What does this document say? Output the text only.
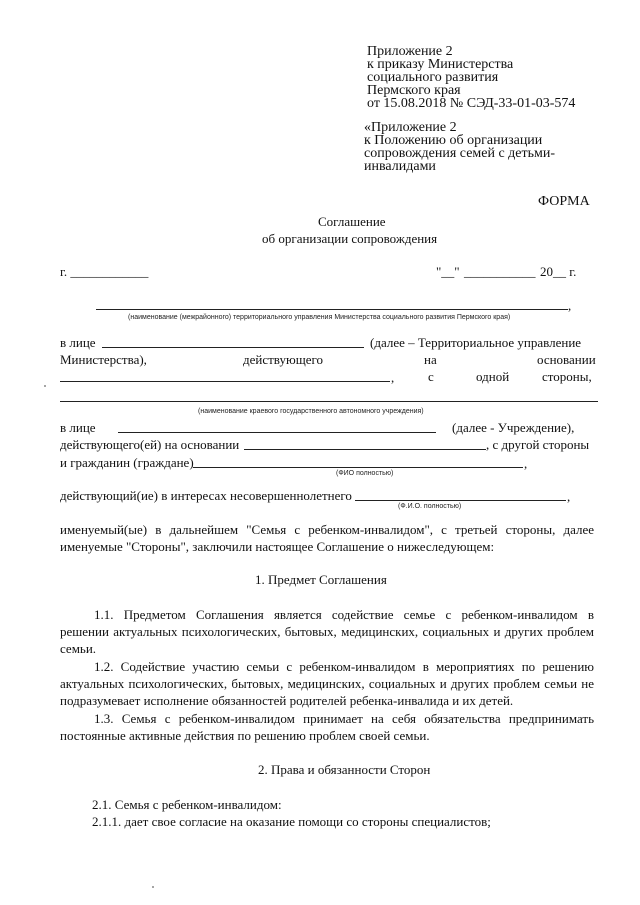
Приложение 2
к приказу Министерства
социального развития
Пермского края
от 15.08.2018 № СЭД-33-01-03-574
«Приложение 2
к Положению об организации
сопровождения семей с детьми-
инвалидами
ФОРМА
Соглашение
об организации сопровождения
г. ____________	"__" ___________ 20__ г.
,
(наименование (межрайонного) территориального управления Министерства социального развития Пермского края)
в лице	(далее – Территориальное управление
Министерства),	действующего	на	основании
,	с	одной	стороны,
(наименование краевого государственного автономного учреждения)
в лице	(далее - Учреждение),
действующего(ей) на основании	, с другой стороны
и гражданин (граждане)	,
(ФИО полностью)
действующий(ие) в интересах несовершеннолетнего	,
(Ф.И.О. полностью)
именуемый(ые) в дальнейшем "Семья с ребенком-инвалидом", с третьей стороны, далее
именуемые "Стороны", заключили настоящее Соглашение о нижеследующем:
1. Предмет Соглашения
1.1. Предметом Соглашения является содействие семье с ребенком-инвалидом в
решении актуальных психологических, бытовых, медицинских, социальных и других проблем
семьи.
1.2. Содействие участию семьи с ребенком-инвалидом в мероприятиях по решению
актуальных психологических, бытовых, медицинских, социальных и других проблем семьи не
подразумевает исполнение обязанностей родителей ребенка-инвалида и их детей.
1.3. Семья с ребенком-инвалидом принимает на себя обязательства предпринимать
постоянные активные действия по решению проблем своей семьи.
2. Права и обязанности Сторон
2.1. Семья с ребенком-инвалидом:
2.1.1. дает свое согласие на оказание помощи со стороны специалистов;
